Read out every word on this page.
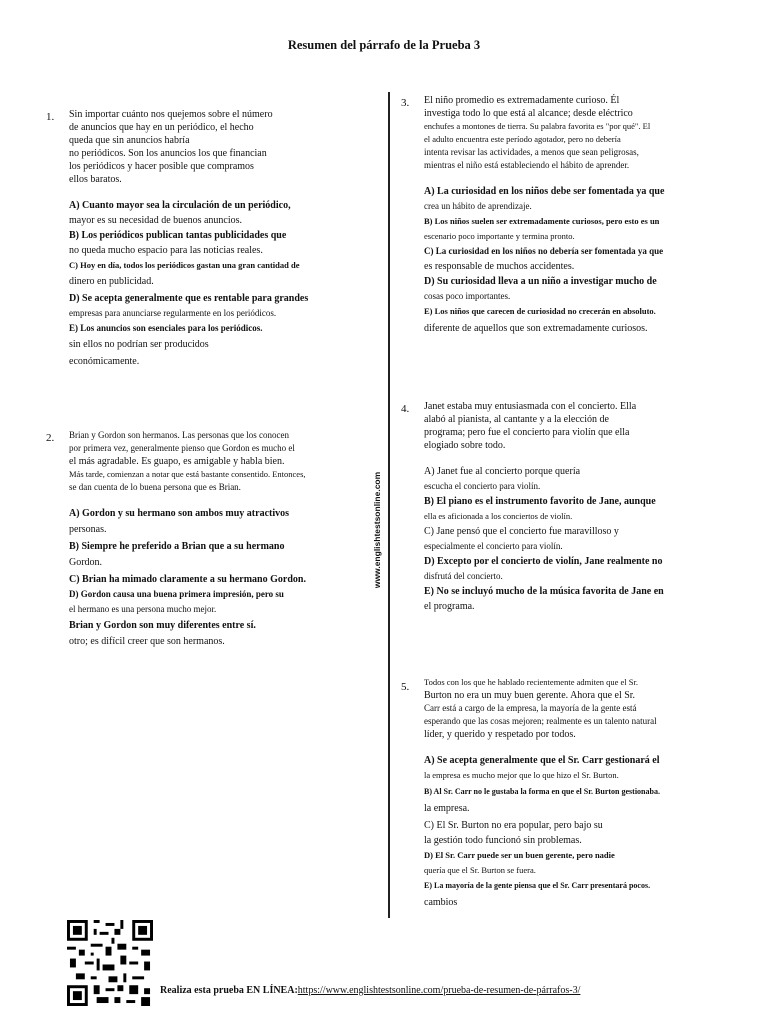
Resumen del párrafo de la Prueba 3
www.englishtestsonline.com
1. Sin importar cuánto nos quejemos sobre el número
de anuncios que hay en un periódico, el hecho
queda que sin anuncios habría
no periódicos. Son los anuncios los que financian
los periódicos y hacer posible que compramos
ellos baratos.
A) Cuanto mayor sea la circulación de un periódico,
mayor es su necesidad de buenos anuncios.
B) Los periódicos publican tantas publicidades que
no queda mucho espacio para las noticias reales.
C) Hoy en día, todos los periódicos gastan una gran cantidad de
dinero en publicidad.
D) Se acepta generalmente que es rentable para grandes
empresas para anunciarse regularmente en los periódicos.
E) Los anuncios son esenciales para los periódicos.
sin ellos no podrían ser producidos
económicamente.
2. Brian y Gordon son hermanos. Las personas que los conocen
por primera vez, generalmente pienso que Gordon es mucho el
el más agradable. Es guapo, es amigable y habla bien.
Más tarde, comienzan a notar que está bastante consentido. Entonces,
se dan cuenta de lo buena persona que es Brian.
A) Gordon y su hermano son ambos muy atractivos
personas.
B) Siempre he preferido a Brian que a su hermano
Gordon.
C) Brian ha mimado claramente a su hermano Gordon.
D) Gordon causa una buena primera impresión, pero su
el hermano es una persona mucho mejor.
Brian y Gordon son muy diferentes entre sí.
otro; es difícil creer que son hermanos.
3. El niño promedio es extremadamente curioso. Él
investiga todo lo que está al alcance; desde eléctrico
enchufes a montones de tierra. Su palabra favorita es "por qué". El
el adulto encuentra este período agotador, pero no debería
intenta revisar las actividades, a menos que sean peligrosas,
mientras el niño está estableciendo el hábito de aprender.
A) La curiosidad en los niños debe ser fomentada ya que
crea un hábito de aprendizaje.
B) Los niños suelen ser extremadamente curiosos, pero esto es un
escenario poco importante y termina pronto.
C) La curiosidad en los niños no debería ser fomentada ya que
es responsable de muchos accidentes.
D) Su curiosidad lleva a un niño a investigar mucho de
cosas poco importantes.
E) Los niños que carecen de curiosidad no crecerán en absoluto.
diferente de aquellos que son extremadamente curiosos.
4. Janet estaba muy entusiasmada con el concierto. Ella
alabó al pianista, al cantante y a la elección de
programa; pero fue el concierto para violín que ella
elogiado sobre todo.
A) Janet fue al concierto porque quería
escucha el concierto para violín.
B) El piano es el instrumento favorito de Jane, aunque
ella es aficionada a los conciertos de violín.
C) Jane pensó que el concierto fue maravilloso y
especialmente el concierto para violín.
D) Excepto por el concierto de violín, Jane realmente no
disfrutá del concierto.
E) No se incluyó mucho de la música favorita de Jane en
el programa.
5. Todos con los que he hablado recientemente admiten que el Sr.
Burton no era un muy buen gerente. Ahora que el Sr.
Carr está a cargo de la empresa, la mayoría de la gente está
esperando que las cosas mejoren; realmente es un talento natural
líder, y querido y respetado por todos.
A) Se acepta generalmente que el Sr. Carr gestionará el
la empresa es mucho mejor que lo que hizo el Sr. Burton.
B) Al Sr. Carr no le gustaba la forma en que el Sr. Burton gestionaba.
la empresa.
C) El Sr. Burton no era popular, pero bajo su
la gestión todo funcionó sin problemas.
D) El Sr. Carr puede ser un buen gerente, pero nadie
quería que el Sr. Burton se fuera.
E) La mayoría de la gente piensa que el Sr. Carr presentará pocos.
cambios
Realiza esta prueba EN LÍNEA:https://www.englishtestsonline.com/prueba-de-resumen-de-párrafos-3/
